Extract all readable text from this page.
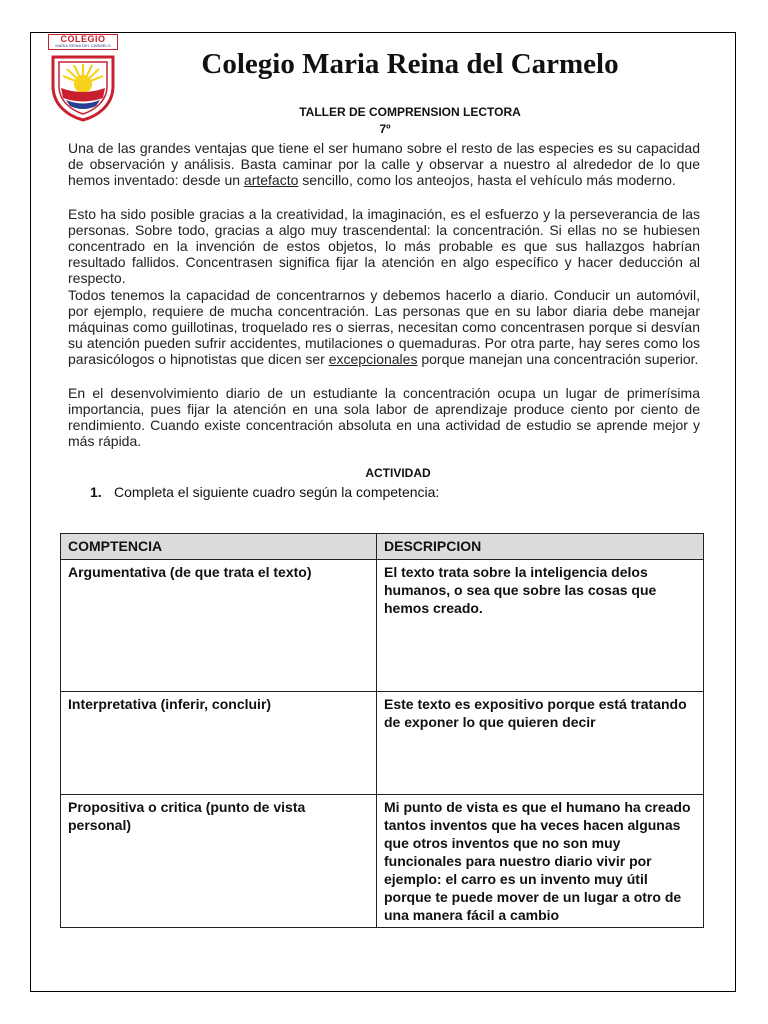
COLEGIO
MARIA REINA DEL CARMELO
Colegio Maria Reina del Carmelo
TALLER DE COMPRENSION LECTORA
7º

Una de las grandes ventajas que tiene el ser humano sobre el resto de las especies es su capacidad de observación y análisis. Basta caminar por la calle y observar a nuestro al alrededor de lo que hemos inventado: desde un artefacto sencillo, como los anteojos, hasta el vehículo más moderno.

Esto ha sido posible gracias a la creatividad, la imaginación, es el esfuerzo y la perseverancia de las personas. Sobre todo, gracias a algo muy trascendental: la concentración. Si ellas no se hubiesen concentrado en la invención de estos objetos, lo más probable es que sus hallazgos habrían resultado fallidos. Concentrasen significa fijar la atención en algo específico y hacer deducción al respecto.

Todos tenemos la capacidad de concentrarnos y debemos hacerlo a diario. Conducir un automóvil, por ejemplo, requiere de mucha concentración. Las personas que en su labor diaria debe manejar máquinas como guillotinas, troquelado res o sierras, necesitan como concentrasen porque si desvían su atención pueden sufrir accidentes, mutilaciones o quemaduras. Por otra parte, hay seres como los parasicólogos o hipnotistas que dicen ser excepcionales porque manejan una concentración superior.

En el desenvolvimiento diario de un estudiante la concentración ocupa un lugar de primerísima importancia, pues fijar la atención en una sola labor de aprendizaje produce ciento por ciento de rendimiento. Cuando existe concentración absoluta en una actividad de estudio se aprende mejor y más rápida.

ACTIVIDAD
1. Completa el siguiente cuadro según la competencia:
COMPTENCIA	DESCRIPCION
Argumentativa (de que trata el texto)	El texto trata sobre la inteligencia delos humanos, o sea que sobre las cosas que hemos creado.
Interpretativa (inferir, concluir)	Este texto es expositivo porque está tratando de exponer lo que quieren decir
Propositiva o critica (punto de vista personal)	Mi punto de vista es que el humano ha creado tantos inventos que ha veces hacen algunas que otros inventos que no son muy funcionales para nuestro diario vivir por ejemplo: el carro es un invento muy útil porque te puede mover de un lugar a otro de una manera fácil a cambio
